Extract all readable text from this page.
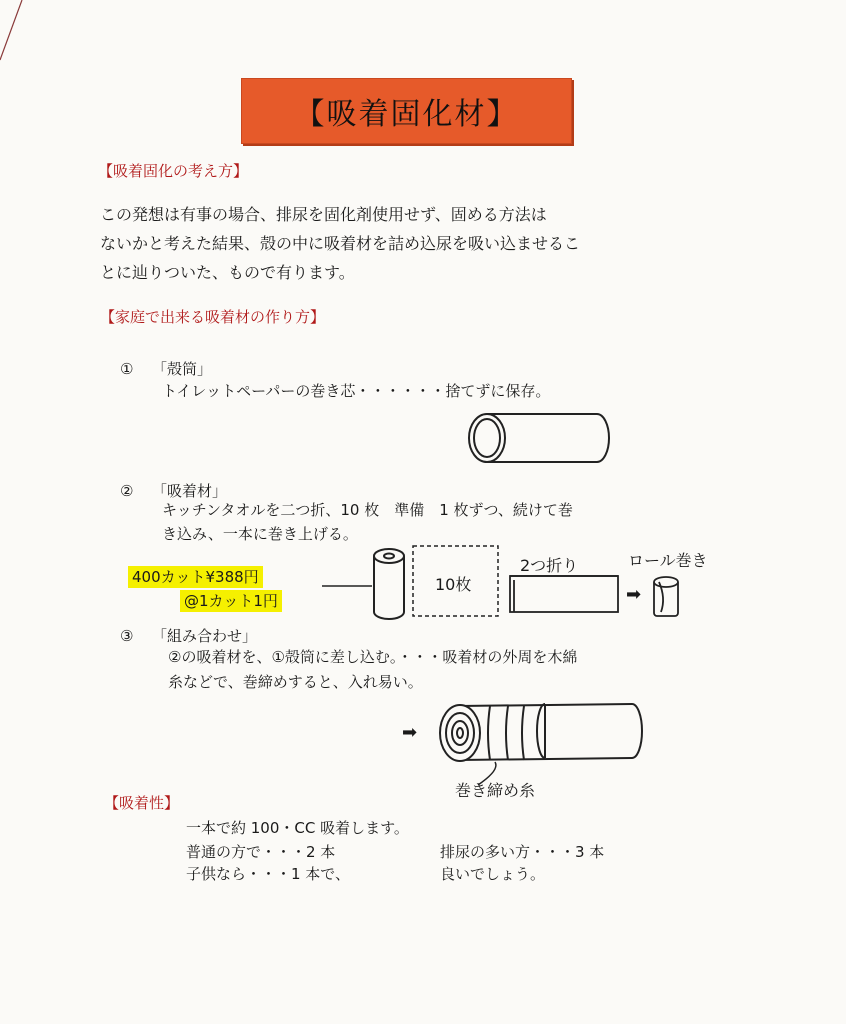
【吸着固化材】
【吸着固化の考え方】
この発想は有事の場合、排尿を固化剤使用せず、固める方法は
ないかと考えた結果、殻の中に吸着材を詰め込尿を吸い込ませるこ
とに辿りついた、もので有ります。
【家庭で出来る吸着材の作り方】
① 「殻筒」
トイレットペーパーの巻き芯・・・・・・捨てずに保存。
② 「吸着材」
キッチンタオルを二つ折、10 枚　準備　1 枚ずつ、続けて巻
き込み、一本に巻き上げる。
400カット¥388円
@1カット1円
10枚
2つ折り	ロール巻き
➡
③ 「組み合わせ」
②の吸着材を、①殻筒に差し込む。・・・吸着材の外周を木綿
糸などで、巻締めすると、入れ易い。
➡
巻き締め糸
【吸着性】
一本で約 100・CC 吸着します。
普通の方で・・・2 本	排尿の多い方・・・3 本
子供なら・・・1 本で、	良いでしょう。
